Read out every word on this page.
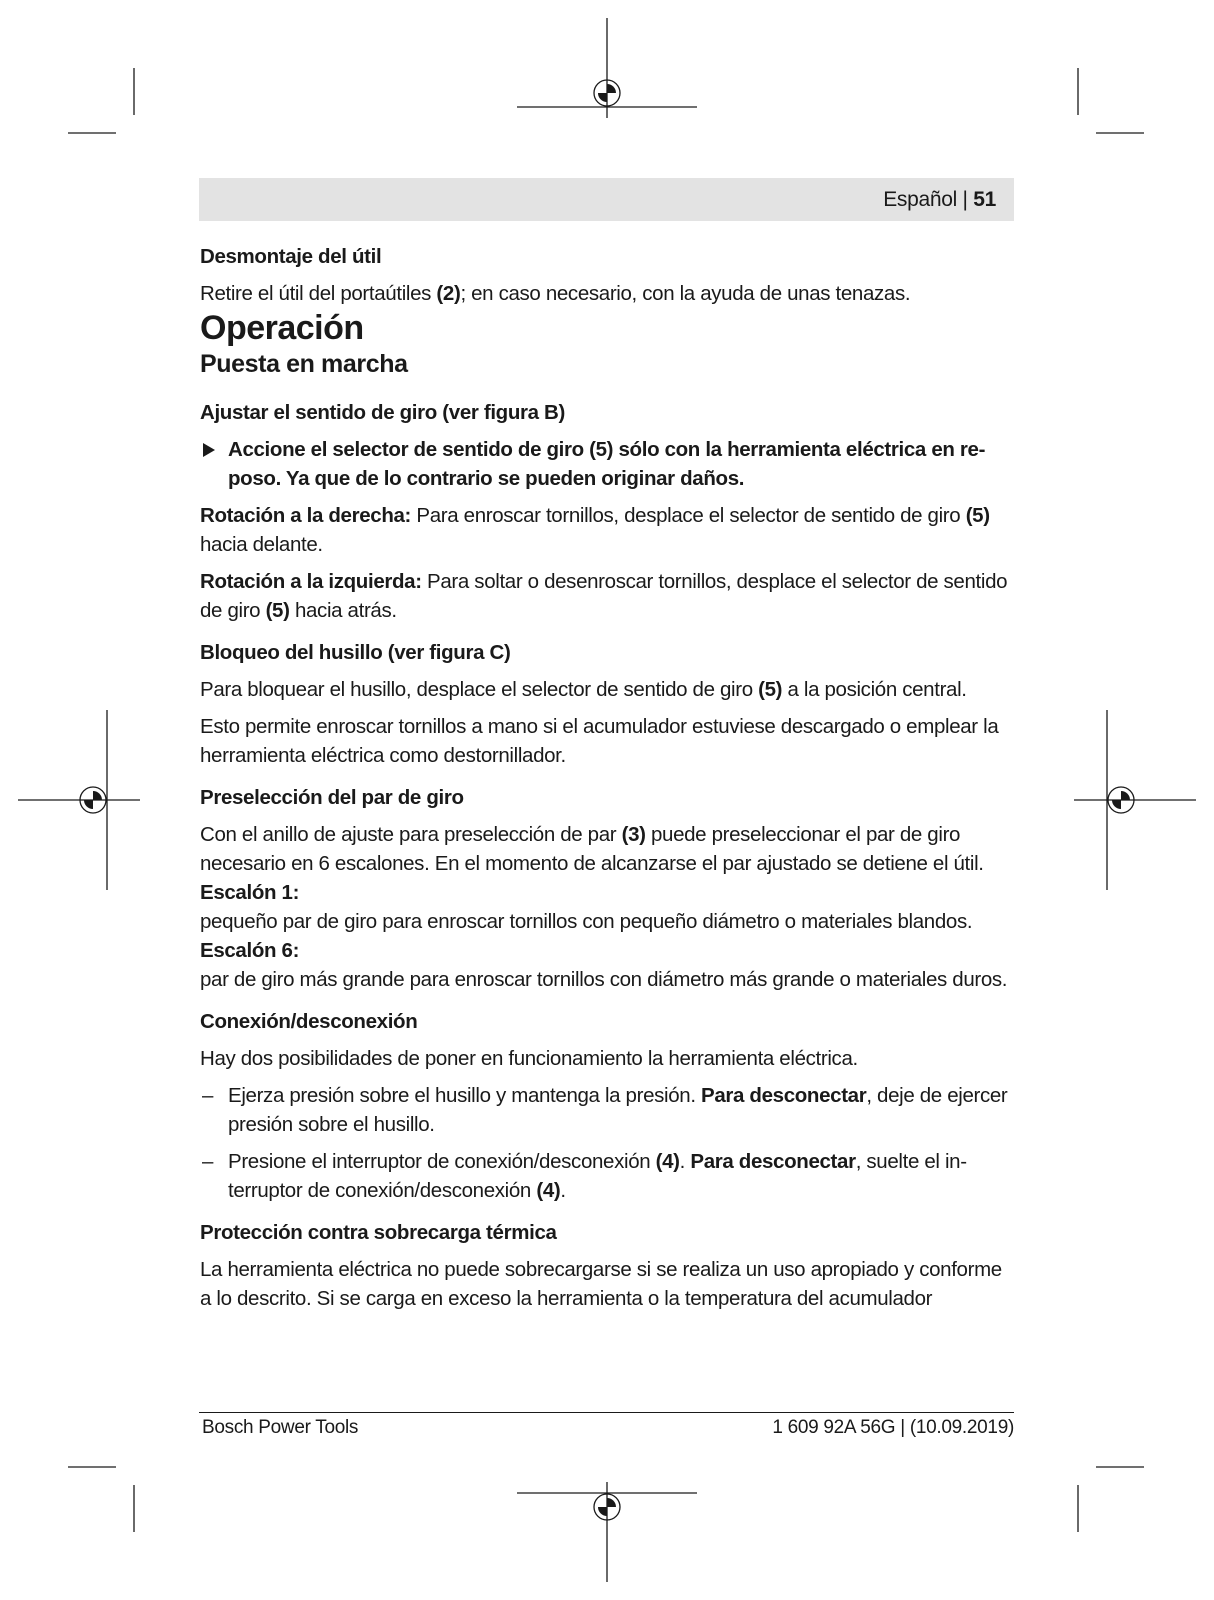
Español | 51

Desmontaje del útil

Retire el útil del portaútiles (2); en caso necesario, con la ayuda de unas tenazas.

Operación

Puesta en marcha

Ajustar el sentido de giro (ver figura B)

Accione el selector de sentido de giro (5) sólo con la herramienta eléctrica en reposo. Ya que de lo contrario se pueden originar daños.

Rotación a la derecha: Para enroscar tornillos, desplace el selector de sentido de giro (5) hacia delante.

Rotación a la izquierda: Para soltar o desenroscar tornillos, desplace el selector de sentido de giro (5) hacia atrás.

Bloqueo del husillo (ver figura C)

Para bloquear el husillo, desplace el selector de sentido de giro (5) a la posición central.

Esto permite enroscar tornillos a mano si el acumulador estuviese descargado o emplear la herramienta eléctrica como destornillador.

Preselección del par de giro

Con el anillo de ajuste para preselección de par (3) puede preseleccionar el par de giro necesario en 6 escalones. En el momento de alcanzarse el par ajustado se detiene el útil.

Escalón 1:

pequeño par de giro para enroscar tornillos con pequeño diámetro o materiales blandos.

Escalón 6:

par de giro más grande para enroscar tornillos con diámetro más grande o materiales duros.

Conexión/desconexión

Hay dos posibilidades de poner en funcionamiento la herramienta eléctrica.

– Ejerza presión sobre el husillo y mantenga la presión. Para desconectar, deje de ejercer presión sobre el husillo.

– Presione el interruptor de conexión/desconexión (4). Para desconectar, suelte el interruptor de conexión/desconexión (4).

Protección contra sobrecarga térmica

La herramienta eléctrica no puede sobrecargarse si se realiza un uso apropiado y conforme a lo descrito. Si se carga en exceso la herramienta o la temperatura del acumulador

Bosch Power Tools	1 609 92A 56G | (10.09.2019)
